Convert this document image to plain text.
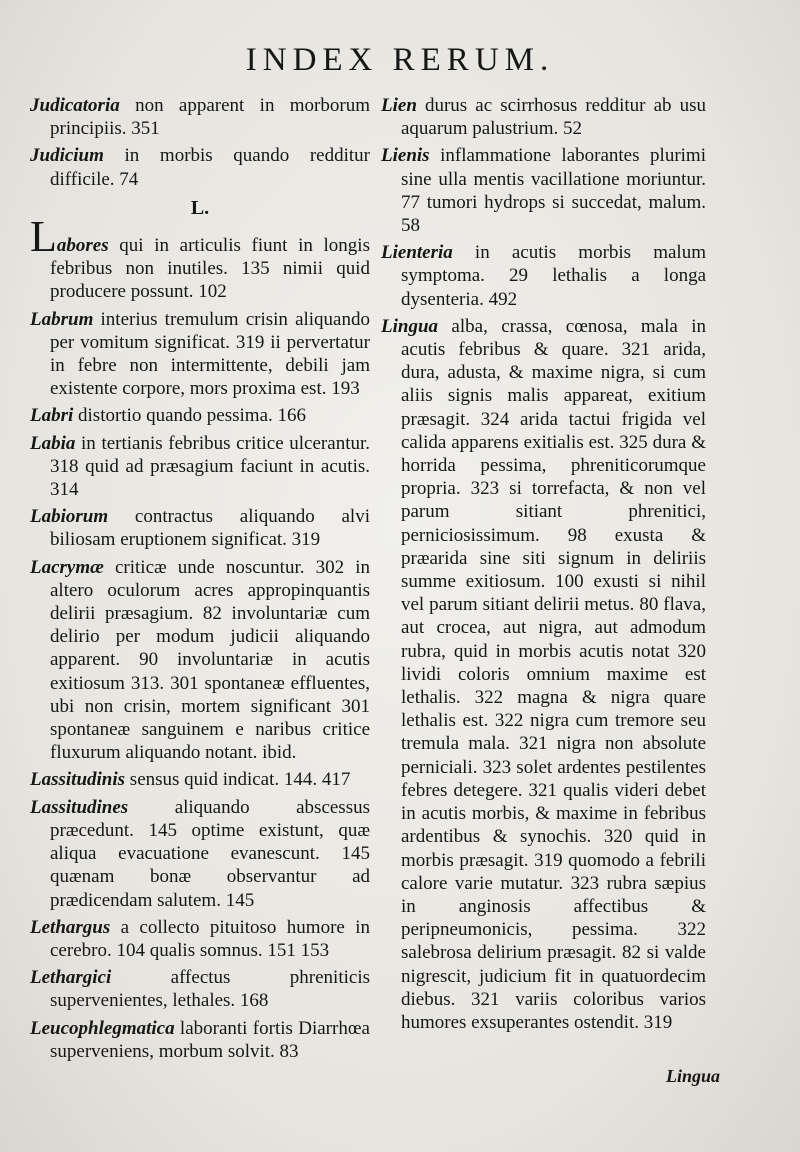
INDEX RERUM.
Judicatoria non apparent in morborum principiis. 351
Judicium in morbis quando redditur difficile. 74
L.
Labores qui in articulis fiunt in longis febribus non inutiles. 135 nimii quid producere possunt. 102
Labrum interius tremulum crisin aliquando per vomitum significat. 319 ii pervertatur in febre non intermittente, debili jam existente corpore, mors proxima est. 193
Labri distortio quando pessima. 166
Labia in tertianis febribus critice ulcerantur. 318 quid ad præsagium faciunt in acutis. 314
Labiorum contractus aliquando alvi biliosam eruptionem significat. 319
Lacrymæ criticæ unde noscuntur. 302 in altero oculorum acres appropinquantis delirii præsagium. 82 involuntariæ cum delirio per modum judicii aliquando apparent. 90 involuntariæ in acutis exitiosum 313. 301 spontaneæ effluentes, ubi non crisin, mortem significant 301 spontaneæ sanguinem e naribus critice fluxurum aliquando notant. ibid.
Lassitudinis sensus quid indicat. 144. 417
Lassitudines aliquando abscessus præcedunt. 145 optime existunt, quæ aliqua evacuatione evanescunt. 145 quænam bonæ observantur ad prædicendam salutem. 145
Lethargus a collecto pituitoso humore in cerebro. 104 qualis somnus. 151 153
Lethargici affectus phreniticis supervenientes, lethales. 168
Leucophlegmatica laboranti fortis Diarrhœa superveniens, morbum solvit. 83
Lien durus ac scirrhosus redditur ab usu aquarum palustrium. 52
Lienis inflammatione laborantes plurimi sine ulla mentis vacillatione moriuntur. 77 tumori hydrops si succedat, malum. 58
Lienteria in acutis morbis malum symptoma. 29 lethalis a longa dysenteria. 492
Lingua alba, crassa, cœnosa, mala in acutis febribus & quare. 321 arida, dura, adusta, & maxime nigra, si cum aliis signis malis appareat, exitium præsagit. 324 arida tactui frigida vel calida apparens exitialis est. 325 dura & horrida pessima, phreniticorumque propria. 323 si torrefacta, & non vel parum sitiant phrenitici, perniciosissimum. 98 exusta & præarida sine siti signum in deliriis summe exitiosum. 100 exusti si nihil vel parum sitiant delirii metus. 80 flava, aut crocea, aut nigra, aut admodum rubra, quid in morbis acutis notat 320 lividi coloris omnium maxime est lethalis. 322 magna & nigra quare lethalis est. 322 nigra cum tremore seu tremula mala. 321 nigra non absolute perniciali. 323 solet ardentes pestilentes febres detegere. 321 qualis videri debet in acutis morbis, & maxime in febribus ardentibus & synochis. 320 quid in morbis præsagit. 319 quomodo a febrili calore varie mutatur. 323 rubra sæpius in anginosis affectibus & peripneumonicis, pessima. 322 salebrosa delirium præsagit. 82 si valde nigrescit, judicium fit in quatuordecim diebus. 321 variis coloribus varios humores exsuperantes ostendit. 319
Lingua
